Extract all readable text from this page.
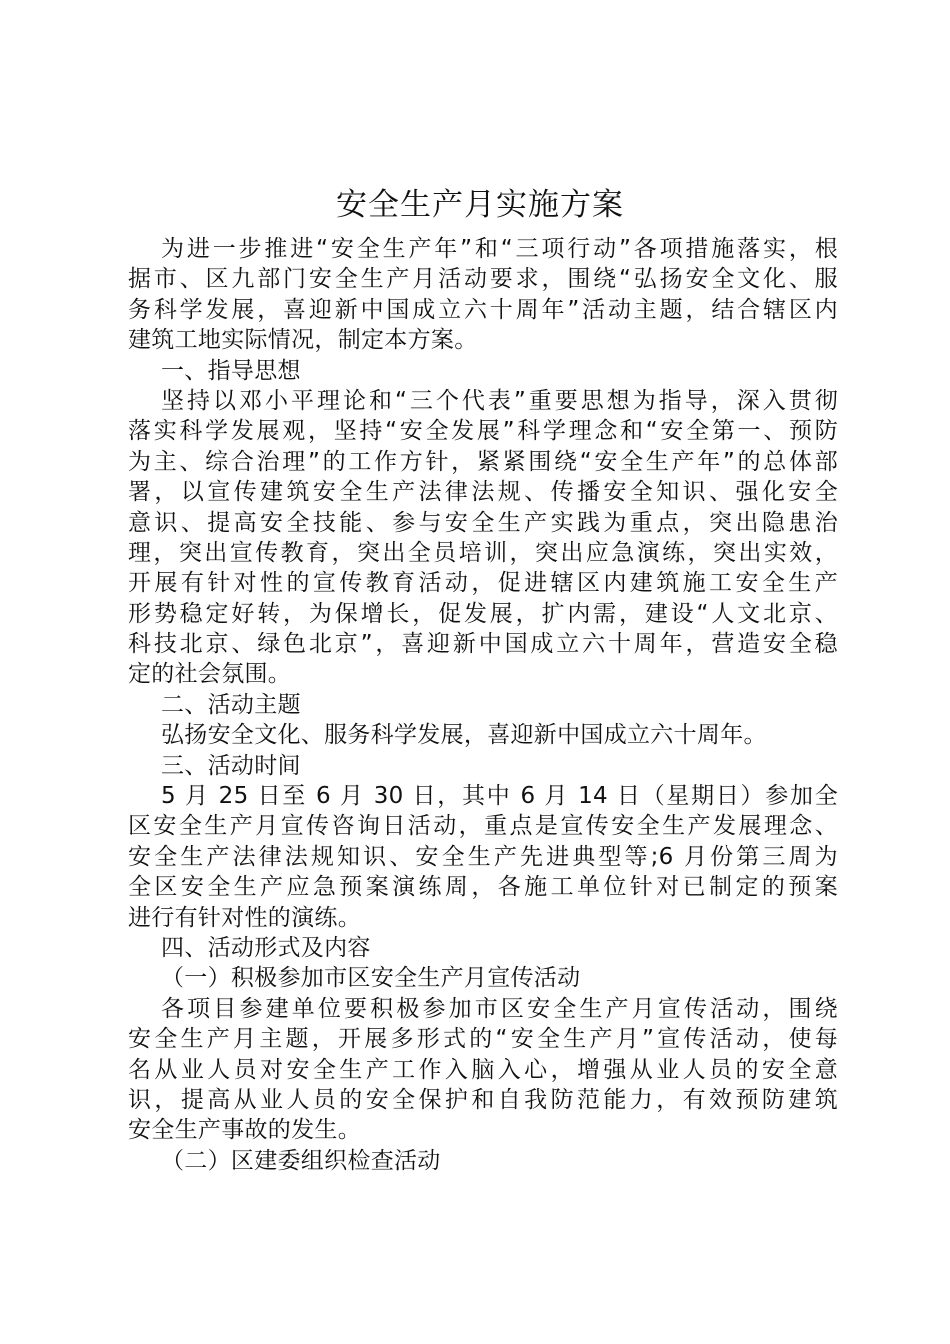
安全生产月实施方案
为进一步推进“安全生产年”和“三项行动”各项措施落实，根
据市、区九部门安全生产月活动要求，围绕“弘扬安全文化、服
务科学发展，喜迎新中国成立六十周年”活动主题，结合辖区内
建筑工地实际情况，制定本方案。
一、指导思想
坚持以邓小平理论和“三个代表”重要思想为指导，深入贯彻
落实科学发展观，坚持“安全发展”科学理念和“安全第一、预防
为主、综合治理”的工作方针，紧紧围绕“安全生产年”的总体部
署，以宣传建筑安全生产法律法规、传播安全知识、强化安全
意识、提高安全技能、参与安全生产实践为重点，突出隐患治
理，突出宣传教育，突出全员培训，突出应急演练，突出实效，
开展有针对性的宣传教育活动，促进辖区内建筑施工安全生产
形势稳定好转，为保增长，促发展，扩内需，建设“人文北京、
科技北京、绿色北京”，喜迎新中国成立六十周年，营造安全稳
定的社会氛围。
二、活动主题
弘扬安全文化、服务科学发展，喜迎新中国成立六十周年。
三、活动时间
5 月 25 日至 6 月 30 日，其中 6 月 14 日（星期日）参加全
区安全生产月宣传咨询日活动，重点是宣传安全生产发展理念、
安全生产法律法规知识、安全生产先进典型等;6 月份第三周为
全区安全生产应急预案演练周，各施工单位针对已制定的预案
进行有针对性的演练。
四、活动形式及内容
（一）积极参加市区安全生产月宣传活动
各项目参建单位要积极参加市区安全生产月宣传活动，围绕
安全生产月主题，开展多形式的“安全生产月”宣传活动，使每
名从业人员对安全生产工作入脑入心，增强从业人员的安全意
识，提高从业人员的安全保护和自我防范能力，有效预防建筑
安全生产事故的发生。
（二）区建委组织检查活动
